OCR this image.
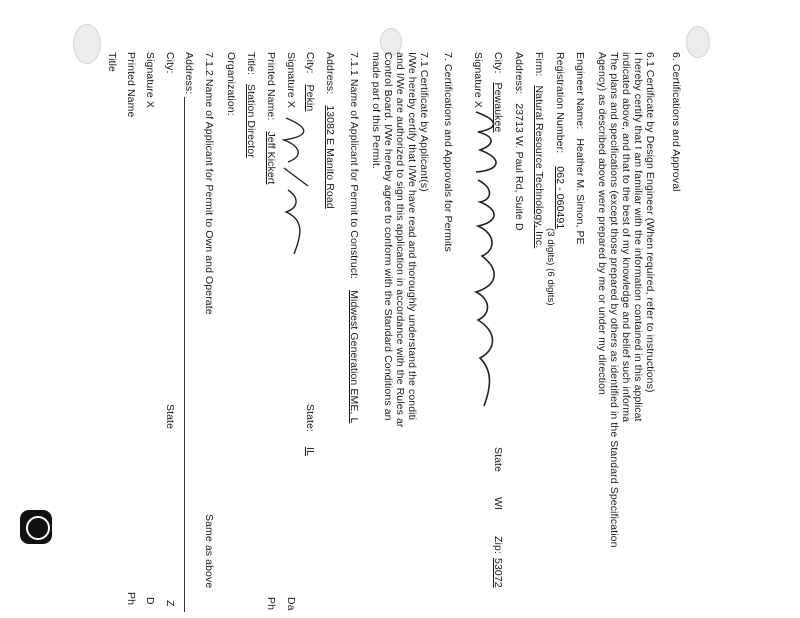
6. Certifications and Approval
6.1 Certificate by Design Engineer (When required, refer to instructions)
I hereby certify that I am familiar with the information contained in this applicat
indicated above, and that to the best of my knowledge and belief such informa
The plans and specifications (except those prepared by others as identified in the Standard Specification
Agency) as described above were prepared by me or under my direction
Engineer Name: Heather M. Simon, PE
Registration Number: 062 - 060491
(3 digits) (6 digits)
Firm: Natural Resource Technology, Inc.
Address: 23713 W. Paul Rd, Suite D
City: Pewaukee
State
WI
Zip:
53072
Signature X
7. Certifications and Approvals for Permits
7.1 Certificate by Applicant(s)
I/We hereby certify that I/We have read and thoroughly understand the conditi
and I/We are authorized to sign this application in accordance with the Rules ar
Control Board. I/We hereby agree to conform with the Standard Conditions an
made part of this Permit.
7.1.1 Name of Applicant for Permit to Construct: Midwest Generation EME, L
Address: 13082 E Manito Road
City: Pekin
State:
IL
Signature X
Da
Printed Name: Jeff Kickert
Ph
Title: Station Director
Organization:
7.1.2 Name of Applicant for Permit to Own and Operate
Same as above
Address:
City:
State
Z
Signature X
D
Printed Name
Ph
Title
